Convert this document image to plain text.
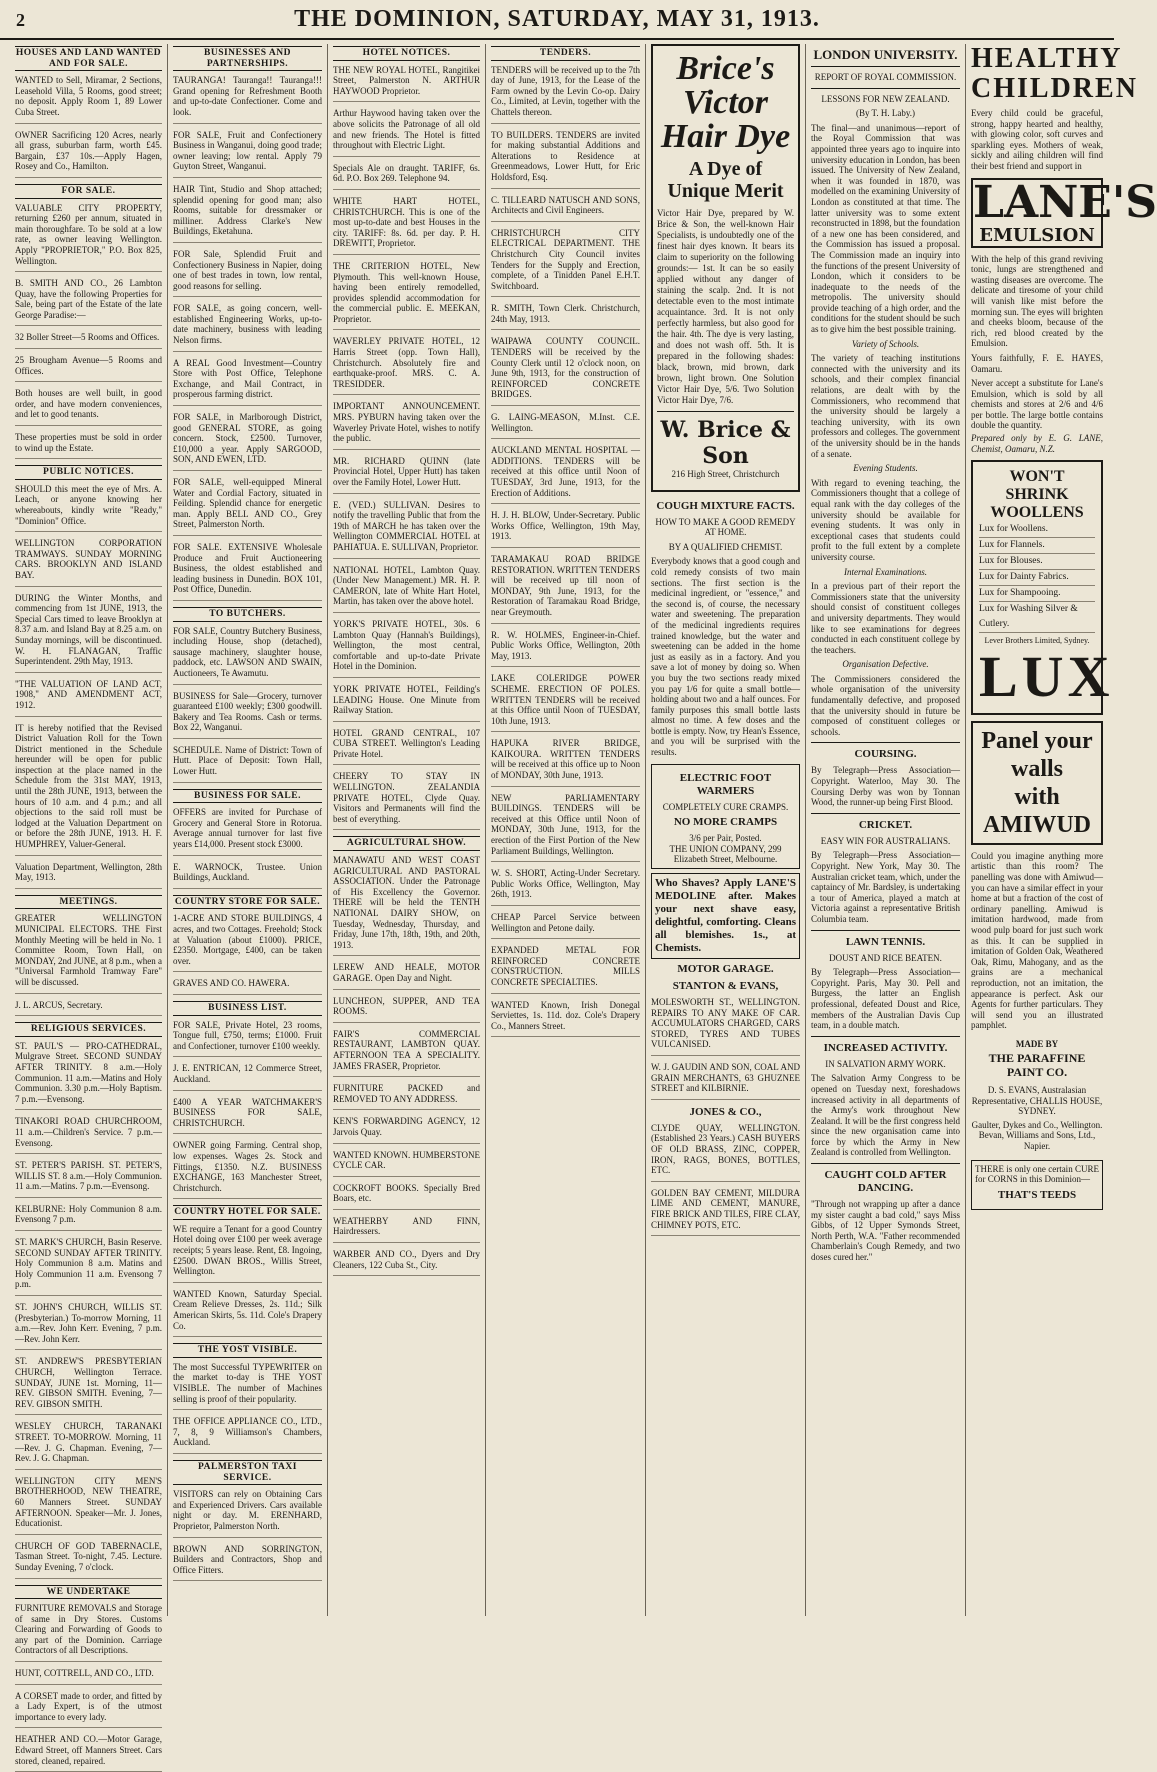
2	THE DOMINION, SATURDAY, MAY 31, 1913.
HOUSES AND LAND WANTED AND FOR SALE.
WANTED to Sell, Miramar, 2 Sections, Leasehold Villa, 5 Rooms, good street; no deposit. Apply Room 1, 89 Lower Cuba Street.
OWNER Sacrificing 120 Acres, nearly all grass, suburban farm, worth £45. Bargain, £37 10s.—Apply Hagen, Rosey and Co., Hamilton.
FOR SALE.
VALUABLE CITY PROPERTY, returning £260 per annum, situated in main thoroughfare. To be sold at a low rate, as owner leaving Wellington. Apply "PROPRIETOR," P.O. Box 825, Wellington.
B. SMITH AND CO., 26 Lambton Quay, have the following Properties for Sale, being part of the Estate of the late George Paradise:—
32 Boller Street—5 Rooms and Offices.
25 Brougham Avenue—5 Rooms and Offices.
Both houses are well built, in good order, and have modern conveniences, and let to good tenants.
These properties must be sold in order to wind up the Estate.
PUBLIC NOTICES.
SHOULD this meet the eye of Mrs. A. Leach, or anyone knowing her whereabouts, kindly write "Ready," "Dominion" Office.
WELLINGTON CORPORATION TRAMWAYS. SUNDAY MORNING CARS. BROOKLYN AND ISLAND BAY.
DURING the Winter Months, and commencing from 1st JUNE, 1913, the Special Cars timed to leave Brooklyn at 8.37 a.m. and Island Bay at 8.25 a.m. on Sunday mornings, will be discontinued. W. H. FLANAGAN, Traffic Superintendent. 29th May, 1913.
"THE VALUATION OF LAND ACT, 1908," AND AMENDMENT ACT, 1912.
IT is hereby notified that the Revised District Valuation Roll for the Town District mentioned in the Schedule hereunder will be open for public inspection at the place named in the Schedule from the 31st MAY, 1913, until the 28th JUNE, 1913, between the hours of 10 a.m. and 4 p.m.; and all objections to the said roll must be lodged at the Valuation Department on or before the 28th JUNE, 1913. H. F. HUMPHREY, Valuer-General.
Valuation Department, Wellington, 28th May, 1913.
MEETINGS.
GREATER WELLINGTON MUNICIPAL ELECTORS. THE First Monthly Meeting will be held in No. 1 Committee Room, Town Hall, on MONDAY, 2nd JUNE, at 8 p.m., when a "Universal Farmhold Tramway Fare" will be discussed.
J. L. ARCUS, Secretary.
RELIGIOUS SERVICES.
ST. PAUL'S — PRO-CATHEDRAL, Mulgrave Street. SECOND SUNDAY AFTER TRINITY. 8 a.m.—Holy Communion. 11 a.m.—Matins and Holy Communion. 3.30 p.m.—Holy Baptism. 7 p.m.—Evensong.
TINAKORI ROAD CHURCHROOM, 11 a.m.—Children's Service. 7 p.m.—Evensong.
ST. PETER'S PARISH. ST. PETER'S, WILLIS ST. 8 a.m.—Holy Communion. 11 a.m.—Matins. 7 p.m.—Evensong.
KELBURNE: Holy Communion 8 a.m. Evensong 7 p.m.
ST. MARK'S CHURCH, Basin Reserve. SECOND SUNDAY AFTER TRINITY. Holy Communion 8 a.m. Matins and Holy Communion 11 a.m. Evensong 7 p.m.
ST. JOHN'S CHURCH, WILLIS ST. (Presbyterian.) To-morrow Morning, 11 a.m.—Rev. John Kerr. Evening, 7 p.m.—Rev. John Kerr.
ST. ANDREW'S PRESBYTERIAN CHURCH, Wellington Terrace. SUNDAY, JUNE 1st. Morning, 11—REV. GIBSON SMITH. Evening, 7—REV. GIBSON SMITH.
WESLEY CHURCH, TARANAKI STREET. TO-MORROW. Morning, 11—Rev. J. G. Chapman. Evening, 7—Rev. J. G. Chapman.
WELLINGTON CITY MEN'S BROTHERHOOD, NEW THEATRE, 60 Manners Street. SUNDAY AFTERNOON. Speaker—Mr. J. Jones, Educationist.
CHURCH OF GOD TABERNACLE, Tasman Street. To-night, 7.45. Lecture. Sunday Evening, 7 o'clock.
WE UNDERTAKE
FURNITURE REMOVALS and Storage of same in Dry Stores. Customs Clearing and Forwarding of Goods to any part of the Dominion. Carriage Contractors of all Descriptions.
HUNT, COTTRELL, AND CO., LTD.
A CORSET made to order, and fitted by a Lady Expert, is of the utmost importance to every lady.
HEATHER AND CO.—Motor Garage, Edward Street, off Manners Street. Cars stored, cleaned, repaired.
BUSINESSES AND PARTNERSHIPS.
TAURANGA! Tauranga!! Tauranga!!! Grand opening for Refreshment Booth and up-to-date Confectioner. Come and look.
FOR SALE, Fruit and Confectionery Business in Wanganui, doing good trade; owner leaving; low rental. Apply 79 Guyton Street, Wanganui.
HAIR Tint, Studio and Shop attached; splendid opening for good man; also Rooms, suitable for dressmaker or milliner. Address Clarke's New Buildings, Eketahuna.
FOR Sale, Splendid Fruit and Confectionery Business in Napier, doing one of best trades in town, low rental, good reasons for selling.
FOR SALE, as going concern, well-established Engineering Works, up-to-date machinery, business with leading Nelson firms.
A REAL Good Investment—Country Store with Post Office, Telephone Exchange, and Mail Contract, in prosperous farming district.
FOR SALE, in Marlborough District, good GENERAL STORE, as going concern. Stock, £2500. Turnover, £10,000 a year. Apply SARGOOD, SON, AND EWEN, LTD.
FOR SALE, well-equipped Mineral Water and Cordial Factory, situated in Feilding. Splendid chance for energetic man. Apply BELL AND CO., Grey Street, Palmerston North.
FOR SALE. EXTENSIVE Wholesale Produce and Fruit Auctioneering Business, the oldest established and leading business in Dunedin. BOX 101, Post Office, Dunedin.
TO BUTCHERS.
FOR SALE, Country Butchery Business, including House, shop (detached), sausage machinery, slaughter house, paddock, etc. LAWSON AND SWAIN, Auctioneers, Te Awamutu.
BUSINESS for Sale—Grocery, turnover guaranteed £100 weekly; £300 goodwill. Bakery and Tea Rooms. Cash or terms. Box 22, Wanganui.
SCHEDULE. Name of District: Town of Hutt. Place of Deposit: Town Hall, Lower Hutt.
BUSINESS FOR SALE.
OFFERS are invited for Purchase of Grocery and General Store in Rotorua. Average annual turnover for last five years £14,000. Present stock £3000.
E. WARNOCK, Trustee. Union Buildings, Auckland.
COUNTRY STORE FOR SALE.
1-ACRE AND STORE BUILDINGS, 4 acres, and two Cottages. Freehold; Stock at Valuation (about £1000). PRICE, £2350. Mortgage, £400, can be taken over.
GRAVES AND CO. HAWERA.
BUSINESS LIST.
FOR SALE, Private Hotel, 23 rooms, Tongue full, £750, terms; £1000. Fruit and Confectioner, turnover £100 weekly.
J. E. ENTRICAN, 12 Commerce Street, Auckland.
£400 A YEAR WATCHMAKER'S BUSINESS FOR SALE, CHRISTCHURCH.
OWNER going Farming. Central shop, low expenses. Wages 2s. Stock and Fittings, £1350. N.Z. BUSINESS EXCHANGE, 163 Manchester Street, Christchurch.
COUNTRY HOTEL FOR SALE.
WE require a Tenant for a good Country Hotel doing over £100 per week average receipts; 5 years lease. Rent, £8. Ingoing, £2500. DWAN BROS., Willis Street, Wellington.
WANTED Known, Saturday Special. Cream Relieve Dresses, 2s. 11d.; Silk American Skirts, 5s. 11d. Cole's Drapery Co.
THE YOST VISIBLE.
The most Successful TYPEWRITER on the market to-day is THE YOST VISIBLE. The number of Machines selling is proof of their popularity.
THE OFFICE APPLIANCE CO., LTD., 7, 8, 9 Williamson's Chambers, Auckland.
PALMERSTON TAXI SERVICE.
VISITORS can rely on Obtaining Cars and Experienced Drivers. Cars available night or day. M. ERENHARD, Proprietor, Palmerston North.
BROWN AND SORRINGTON, Builders and Contractors, Shop and Office Fitters.
HOTEL NOTICES.
THE NEW ROYAL HOTEL, Rangitikei Street, Palmerston N. ARTHUR HAYWOOD Proprietor.
Arthur Haywood having taken over the above solicits the Patronage of all old and new friends. The Hotel is fitted throughout with Electric Light.
Specials Ale on draught. TARIFF, 6s. 6d. P.O. Box 269. Telephone 94.
WHITE HART HOTEL, CHRISTCHURCH. This is one of the most up-to-date and best Houses in the city. TARIFF: 8s. 6d. per day. P. H. DREWITT, Proprietor.
THE CRITERION HOTEL, New Plymouth. This well-known House, having been entirely remodelled, provides splendid accommodation for the commercial public. E. MEEKAN, Proprietor.
WAVERLEY PRIVATE HOTEL, 12 Harris Street (opp. Town Hall), Christchurch. Absolutely fire and earthquake-proof. MRS. C. A. TRESIDDER.
IMPORTANT ANNOUNCEMENT. MRS. PYBURN having taken over the Waverley Private Hotel, wishes to notify the public.
MR. RICHARD QUINN (late Provincial Hotel, Upper Hutt) has taken over the Family Hotel, Lower Hutt.
E. (VED.) SULLIVAN. Desires to notify the travelling Public that from the 19th of MARCH he has taken over the Wellington COMMERCIAL HOTEL at PAHIATUA. E. SULLIVAN, Proprietor.
NATIONAL HOTEL, Lambton Quay. (Under New Management.) MR. H. P. CAMERON, late of White Hart Hotel, Martin, has taken over the above hotel.
YORK'S PRIVATE HOTEL, 30s. 6 Lambton Quay (Hannah's Buildings), Wellington, the most central, comfortable and up-to-date Private Hotel in the Dominion.
YORK PRIVATE HOTEL, Feilding's LEADING House. One Minute from Railway Station.
HOTEL GRAND CENTRAL, 107 CUBA STREET. Wellington's Leading Private Hotel.
CHEERY TO STAY IN WELLINGTON. ZEALANDIA PRIVATE HOTEL, Clyde Quay. Visitors and Permanents will find the best of everything.
AGRICULTURAL SHOW.
MANAWATU AND WEST COAST AGRICULTURAL AND PASTORAL ASSOCIATION. Under the Patronage of His Excellency the Governor. THERE will be held the TENTH NATIONAL DAIRY SHOW, on Tuesday, Wednesday, Thursday, and Friday, June 17th, 18th, 19th, and 20th, 1913.
LEREW AND HEALE, MOTOR GARAGE. Open Day and Night.
LUNCHEON, SUPPER, AND TEA ROOMS.
FAIR'S COMMERCIAL RESTAURANT, LAMBTON QUAY. AFTERNOON TEA A SPECIALITY. JAMES FRASER, Proprietor.
FURNITURE PACKED and REMOVED TO ANY ADDRESS.
KEN'S FORWARDING AGENCY, 12 Jarvois Quay.
WANTED KNOWN. HUMBERSTONE CYCLE CAR.
COCKROFT BOOKS. Specially Bred Boars, etc.
WEATHERBY AND FINN, Hairdressers.
WARBER AND CO., Dyers and Dry Cleaners, 122 Cuba St., City.
TENDERS.
TENDERS will be received up to the 7th day of June, 1913, for the Lease of the Farm owned by the Levin Co-op. Dairy Co., Limited, at Levin, together with the Chattels thereon.
TO BUILDERS. TENDERS are invited for making substantial Additions and Alterations to Residence at Greenmeadows, Lower Hutt, for Eric Holdsford, Esq.
C. TILLEARD NATUSCH AND SONS, Architects and Civil Engineers.
CHRISTCHURCH CITY ELECTRICAL DEPARTMENT. THE Christchurch City Council invites Tenders for the Supply and Erection, complete, of a Tinidden Panel E.H.T. Switchboard.
R. SMITH, Town Clerk. Christchurch, 24th May, 1913.
WAIPAWA COUNTY COUNCIL. TENDERS will be received by the County Clerk until 12 o'clock noon, on June 9th, 1913, for the construction of REINFORCED CONCRETE BRIDGES.
G. LAING-MEASON, M.Inst. C.E. Wellington.
AUCKLAND MENTAL HOSPITAL — ADDITIONS. TENDERS will be received at this office until Noon of TUESDAY, 3rd June, 1913, for the Erection of Additions.
H. J. H. BLOW, Under-Secretary. Public Works Office, Wellington, 19th May, 1913.
TARAMAKAU ROAD BRIDGE RESTORATION. WRITTEN TENDERS will be received up till noon of MONDAY, 9th June, 1913, for the Restoration of Taramakau Road Bridge, near Greymouth.
R. W. HOLMES, Engineer-in-Chief. Public Works Office, Wellington, 20th May, 1913.
LAKE COLERIDGE POWER SCHEME. ERECTION OF POLES. WRITTEN TENDERS will be received at this Office until Noon of TUESDAY, 10th June, 1913.
HAPUKA RIVER BRIDGE, KAIKOURA. WRITTEN TENDERS will be received at this office up to Noon of MONDAY, 30th June, 1913.
NEW PARLIAMENTARY BUILDINGS. TENDERS will be received at this Office until Noon of MONDAY, 30th June, 1913, for the erection of the First Portion of the New Parliament Buildings, Wellington.
W. S. SHORT, Acting-Under Secretary. Public Works Office, Wellington, May 26th, 1913.
CHEAP Parcel Service between Wellington and Petone daily.
EXPANDED METAL FOR REINFORCED CONCRETE CONSTRUCTION. MILLS CONCRETE SPECIALTIES.
WANTED Known, Irish Donegal Serviettes, 1s. 11d. doz. Cole's Drapery Co., Manners Street.
Brice's Victor
Hair Dye
A Dye of Unique Merit
Victor Hair Dye, prepared by W. Brice & Son, the well-known Hair Specialists, is undoubtedly one of the finest hair dyes known. It bears its claim to superiority on the following grounds:— 1st. It can be so easily applied without any danger of staining the scalp. 2nd. It is not detectable even to the most intimate acquaintance. 3rd. It is not only perfectly harmless, but also good for the hair. 4th. The dye is very lasting, and does not wash off. 5th. It is prepared in the following shades: black, brown, mid brown, dark brown, light brown. One Solution Victor Hair Dye, 5/6. Two Solution Victor Hair Dye, 7/6.
W. Brice & Son
216 High Street, Christchurch
COUGH MIXTURE FACTS.
HOW TO MAKE A GOOD REMEDY AT HOME.
BY A QUALIFIED CHEMIST.
Everybody knows that a good cough and cold remedy consists of two main sections. The first section is the medicinal ingredient, or "essence," and the second is, of course, the necessary water and sweetening. The preparation of the medicinal ingredients requires trained knowledge, but the water and sweetening can be added in the home just as easily as in a factory. And you save a lot of money by doing so. When you buy the two sections ready mixed you pay 1/6 for quite a small bottle—holding about two and a half ounces. For family purposes this small bottle lasts almost no time. A few doses and the bottle is empty. Now, try Hean's Essence, and you will be surprised with the results.
ELECTRIC FOOT WARMERS
COMPLETELY CURE CRAMPS.
NO MORE CRAMPS
3/6 per Pair, Posted.
THE UNION COMPANY, 299 Elizabeth Street, Melbourne.
Who Shaves? Apply LANE'S MEDOLINE after. Makes your next shave easy, delightful, comforting. Cleans all blemishes. 1s., at Chemists.
MOTOR GARAGE.
STANTON & EVANS,
MOLESWORTH ST., WELLINGTON. REPAIRS TO ANY MAKE OF CAR. ACCUMULATORS CHARGED, CARS STORED, TYRES AND TUBES VULCANISED.
W. J. GAUDIN AND SON, COAL AND GRAIN MERCHANTS, 63 GHUZNEE STREET and KILBIRNIE.
JONES & CO.,
CLYDE QUAY, WELLINGTON. (Established 23 Years.) CASH BUYERS OF OLD BRASS, ZINC, COPPER, IRON, RAGS, BONES, BOTTLES, ETC.
GOLDEN BAY CEMENT, MILDURA LIME AND CEMENT, MANURE, FIRE BRICK AND TILES, FIRE CLAY, CHIMNEY POTS, ETC.
LONDON UNIVERSITY.
REPORT OF ROYAL COMMISSION.
LESSONS FOR NEW ZEALAND.
(By T. H. Laby.)
The final—and unanimous—report of the Royal Commission that was appointed three years ago to inquire into university education in London, has been issued. The University of New Zealand, when it was founded in 1870, was modelled on the examining University of London as constituted at that time. The latter university was to some extent reconstructed in 1898, but the foundation of a new one has been considered, and the Commission has issued a proposal. The Commission made an inquiry into the functions of the present University of London, which it considers to be inadequate to the needs of the metropolis. The university should provide teaching of a high order, and the conditions for the student should be such as to give him the best possible training.
Variety of Schools.
The variety of teaching institutions connected with the university and its schools, and their complex financial relations, are dealt with by the Commissioners, who recommend that the university should be largely a teaching university, with its own professors and colleges. The government of the university should be in the hands of a senate.
Evening Students.
With regard to evening teaching, the Commissioners thought that a college of equal rank with the day colleges of the university should be available for evening students. It was only in exceptional cases that students could profit to the full extent by a complete university course.
Internal Examinations.
In a previous part of their report the Commissioners state that the university should consist of constituent colleges and university departments. They would like to see examinations for degrees conducted in each constituent college by the teachers.
Organisation Defective.
The Commissioners considered the whole organisation of the university fundamentally defective, and proposed that the university should in future be composed of constituent colleges or schools.
COURSING.
By Telegraph—Press Association—Copyright. Waterloo, May 30. The Coursing Derby was won by Tonnan Wood, the runner-up being First Blood.
CRICKET.
EASY WIN FOR AUSTRALIANS.
By Telegraph—Press Association—Copyright. New York, May 30. The Australian cricket team, which, under the captaincy of Mr. Bardsley, is undertaking a tour of America, played a match at Victoria against a representative British Columbia team.
LAWN TENNIS.
DOUST AND RICE BEATEN.
By Telegraph—Press Association—Copyright. Paris, May 30. Pell and Burgess, the latter an English professional, defeated Doust and Rice, members of the Australian Davis Cup team, in a double match.
INCREASED ACTIVITY.
IN SALVATION ARMY WORK.
The Salvation Army Congress to be opened on Tuesday next, foreshadows increased activity in all departments of the Army's work throughout New Zealand. It will be the first congress held since the new organisation came into force by which the Army in New Zealand is controlled from Wellington.
CAUGHT COLD AFTER DANCING.
"Through not wrapping up after a dance my sister caught a bad cold," says Miss Gibbs, of 12 Upper Symonds Street, North Perth, W.A. "Father recommended Chamberlain's Cough Remedy, and two doses cured her."
HEALTHY CHILDREN
Every child could be graceful, strong, happy hearted and healthy, with glowing color, soft curves and sparkling eyes. Mothers of weak, sickly and ailing children will find their best friend and support in
LANE'S
EMULSION
With the help of this grand reviving tonic, lungs are strengthened and wasting diseases are overcome. The delicate and tiresome of your child will vanish like mist before the morning sun. The eyes will brighten and cheeks bloom, because of the rich, red blood created by the Emulsion.
Yours faithfully, F. E. HAYES, Oamaru.
Never accept a substitute for Lane's Emulsion, which is sold by all chemists and stores at 2/6 and 4/6 per bottle. The large bottle contains double the quantity.
Prepared only by E. G. LANE, Chemist, Oamaru, N.Z.
WON'T SHRINK WOOLLENS
Lux for Woollens.
Lux for Flannels.
Lux for Blouses.
Lux for Dainty Fabrics.
Lux for Shampooing.
Lux for Washing Silver & Cutlery.
Lever Brothers Limited, Sydney.
LUX
Panel your walls
with AMIWUD
Could you imagine anything more artistic than this room? The panelling was done with Amiwud—you can have a similar effect in your home at but a fraction of the cost of ordinary panelling. Amiwud is imitation hardwood, made from wood pulp board for just such work as this. It can be supplied in imitation of Golden Oak, Weathered Oak, Rimu, Mahogany, and as the grains are a mechanical reproduction, not an imitation, the appearance is perfect. Ask our Agents for further particulars. They will send you an illustrated pamphlet.
MADE BY
THE PARAFFINE PAINT CO.
D. S. EVANS, Australasian Representative, CHALLIS HOUSE, SYDNEY.
Gaulter, Dykes and Co., Wellington. Bevan, Williams and Sons, Ltd., Napier.
THERE is only one certain CURE for CORNS in this Dominion—
THAT'S TEEDS
